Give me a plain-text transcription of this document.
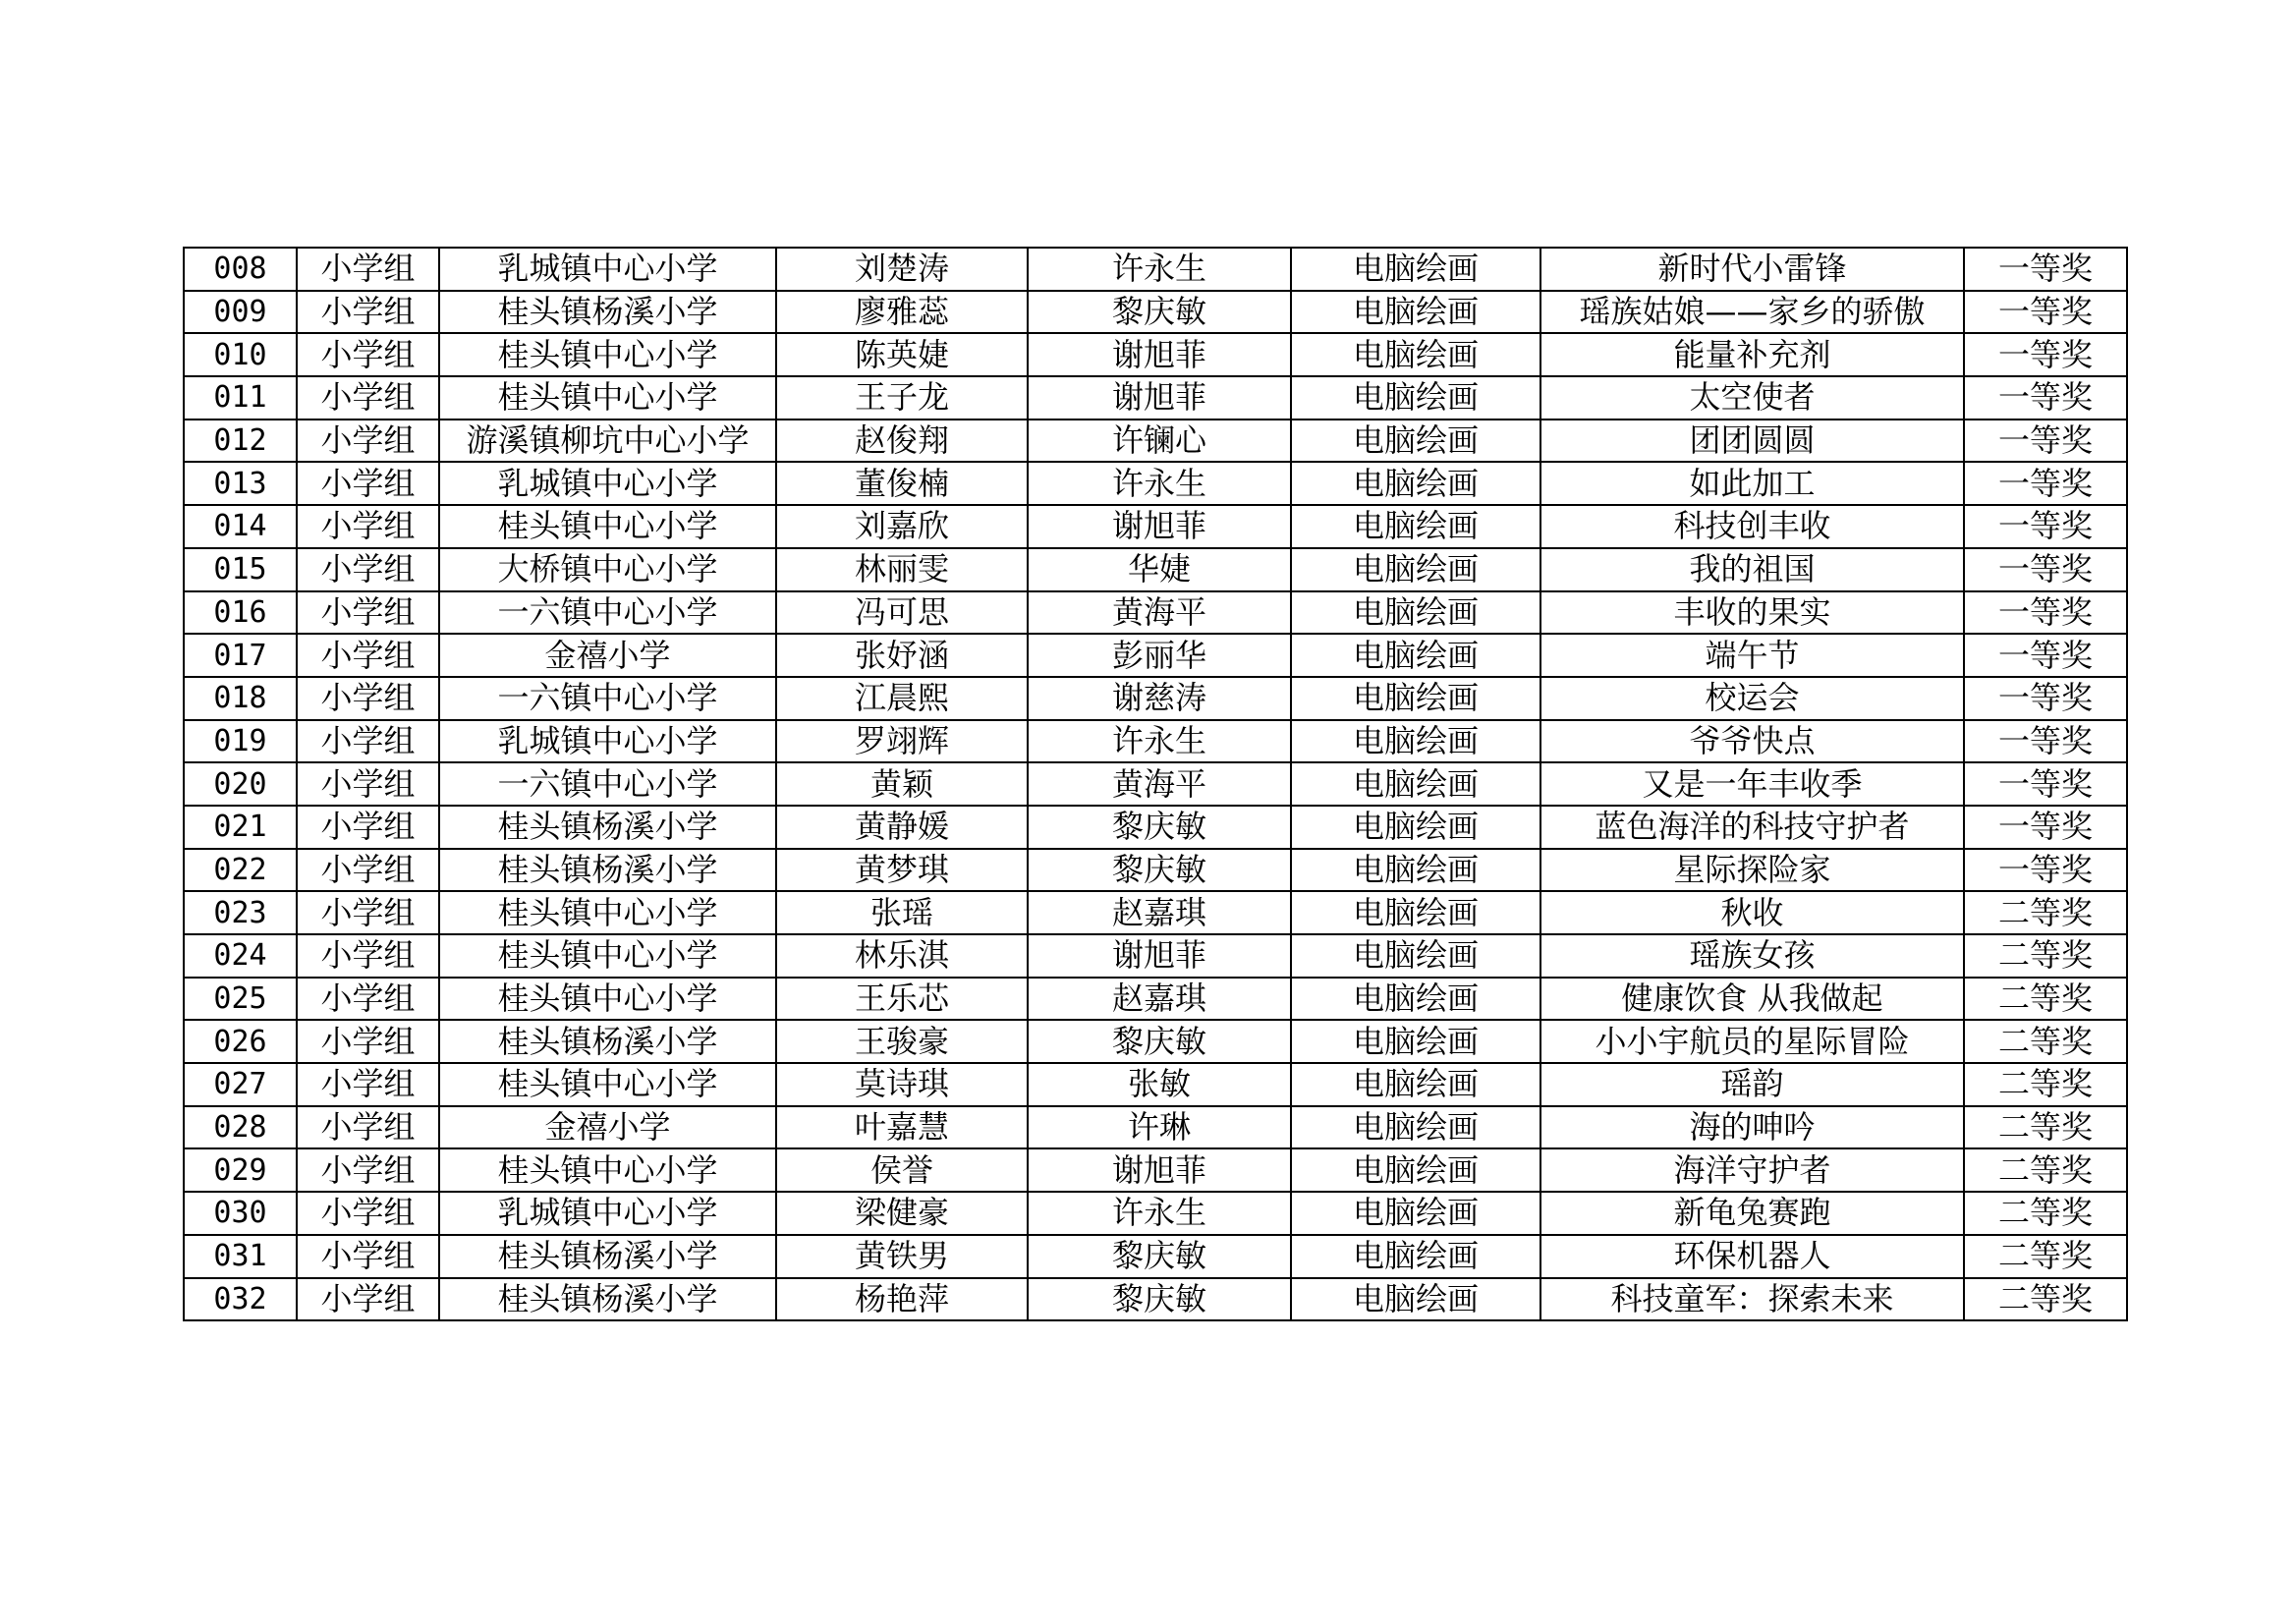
008	小学组	乳城镇中心小学	刘楚涛	许永生	电脑绘画	新时代小雷锋	一等奖
009	小学组	桂头镇杨溪小学	廖雅蕊	黎庆敏	电脑绘画	瑶族姑娘——家乡的骄傲	一等奖
010	小学组	桂头镇中心小学	陈英婕	谢旭菲	电脑绘画	能量补充剂	一等奖
011	小学组	桂头镇中心小学	王子龙	谢旭菲	电脑绘画	太空使者	一等奖
012	小学组	游溪镇柳坑中心小学	赵俊翔	许镧心	电脑绘画	团团圆圆	一等奖
013	小学组	乳城镇中心小学	董俊楠	许永生	电脑绘画	如此加工	一等奖
014	小学组	桂头镇中心小学	刘嘉欣	谢旭菲	电脑绘画	科技创丰收	一等奖
015	小学组	大桥镇中心小学	林丽雯	华婕	电脑绘画	我的祖国	一等奖
016	小学组	一六镇中心小学	冯可思	黄海平	电脑绘画	丰收的果实	一等奖
017	小学组	金禧小学	张妤涵	彭丽华	电脑绘画	端午节	一等奖
018	小学组	一六镇中心小学	江晨熙	谢慈涛	电脑绘画	校运会	一等奖
019	小学组	乳城镇中心小学	罗翊辉	许永生	电脑绘画	爷爷快点	一等奖
020	小学组	一六镇中心小学	黄颖	黄海平	电脑绘画	又是一年丰收季	一等奖
021	小学组	桂头镇杨溪小学	黄静媛	黎庆敏	电脑绘画	蓝色海洋的科技守护者	一等奖
022	小学组	桂头镇杨溪小学	黄梦琪	黎庆敏	电脑绘画	星际探险家	一等奖
023	小学组	桂头镇中心小学	张瑶	赵嘉琪	电脑绘画	秋收	二等奖
024	小学组	桂头镇中心小学	林乐淇	谢旭菲	电脑绘画	瑶族女孩	二等奖
025	小学组	桂头镇中心小学	王乐芯	赵嘉琪	电脑绘画	健康饮食 从我做起	二等奖
026	小学组	桂头镇杨溪小学	王骏豪	黎庆敏	电脑绘画	小小宇航员的星际冒险	二等奖
027	小学组	桂头镇中心小学	莫诗琪	张敏	电脑绘画	瑶韵	二等奖
028	小学组	金禧小学	叶嘉慧	许琳	电脑绘画	海的呻吟	二等奖
029	小学组	桂头镇中心小学	侯誉	谢旭菲	电脑绘画	海洋守护者	二等奖
030	小学组	乳城镇中心小学	梁健豪	许永生	电脑绘画	新龟兔赛跑	二等奖
031	小学组	桂头镇杨溪小学	黄铁男	黎庆敏	电脑绘画	环保机器人	二等奖
032	小学组	桂头镇杨溪小学	杨艳萍	黎庆敏	电脑绘画	科技童军：探索未来	二等奖
